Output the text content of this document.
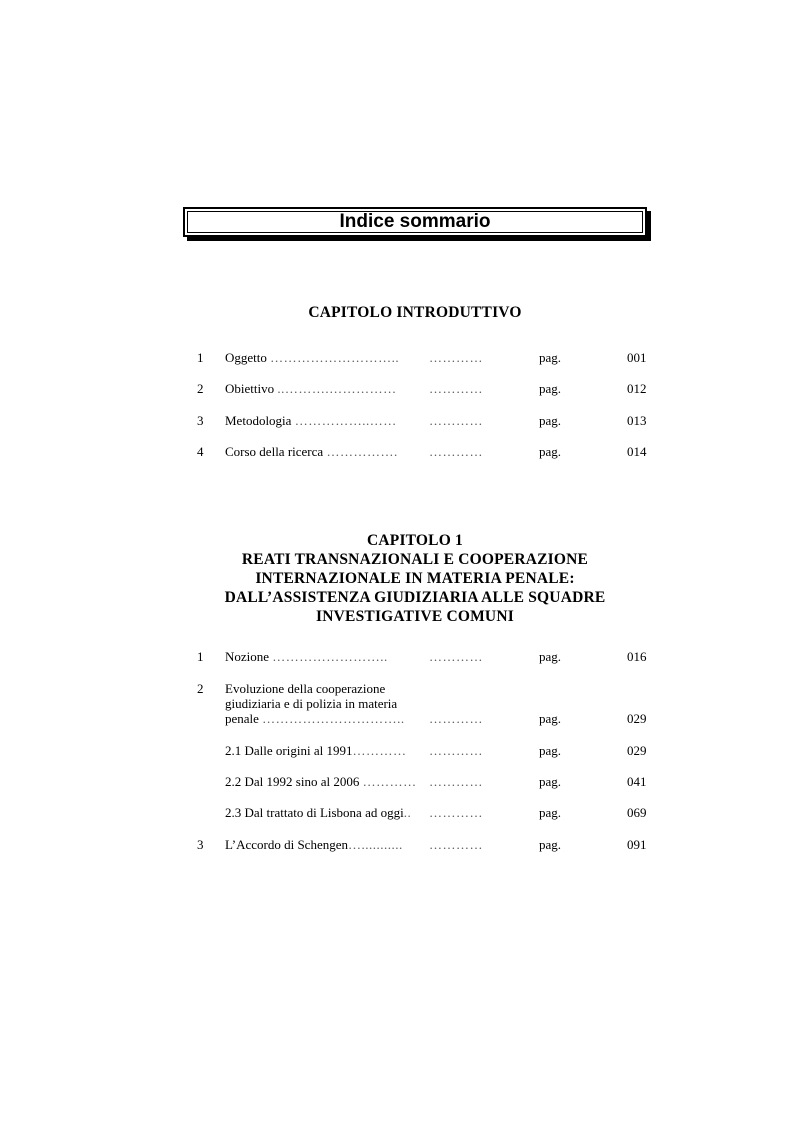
Indice sommario
CAPITOLO INTRODUTTIVO
1 Oggetto ……………………….. …………	pag.	001
2 Obiettivo ..……….…………… …………	pag.	012
3 Metodologia ……………..…… …………	pag.	013
4 Corso della ricerca ……………. …………	pag.	014
CAPITOLO 1
REATI TRANSNAZIONALI E COOPERAZIONE
INTERNAZIONALE IN MATERIA PENALE:
DALL’ASSISTENZA GIUDIZIARIA ALLE SQUADRE
INVESTIGATIVE COMUNI
1 Nozione ……………………..	…………	pag.	016
2 Evoluzione della cooperazione
giudiziaria e di polizia in materia
penale ………………………….. …………	pag.	029
2.1 Dalle origini al 1991………… …………	pag.	029
2.2 Dal 1992 sino al 2006 ………… …………	pag.	041
2.3 Dal trattato di Lisbona ad oggi.. …………	pag.	069
3 L’Accordo di Schengen…........... …………	pag.	091
